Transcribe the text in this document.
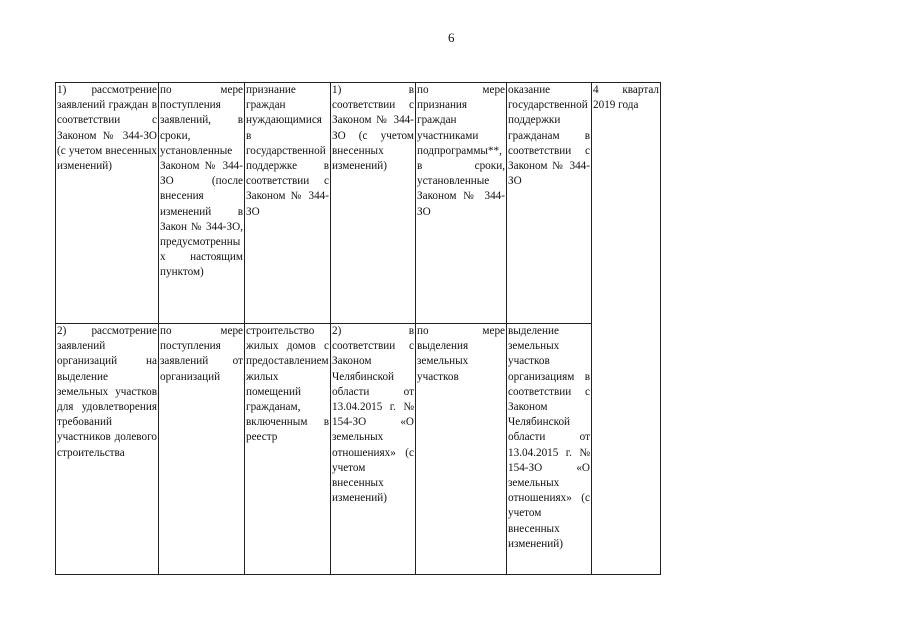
6
1) рассмотрение заявлений граждан в соответствии с Законом № 344-ЗО (с учетом внесенных изменений)	по мере поступления заявлений, в сроки, установленные Законом № 344-ЗО (после внесения изменений в Закон № 344-ЗО, предусмотренных настоящим пунктом)	признание граждан нуждающимися в государственной поддержке в соответствии с Законом № 344-ЗО	1) в соответствии с Законом № 344-ЗО (с учетом внесенных изменений)	по мере признания граждан участниками подпрограммы**, в сроки, установленные Законом № 344-ЗО	оказание государственной поддержки гражданам в соответствии с Законом № 344-ЗО	4 квартал 2019 года
2) рассмотрение заявлений организаций на выделение земельных участков для удовлетворения требований участников долевого строительства	по мере поступления заявлений от организаций	строительство жилых домов с предоставлением жилых помещений гражданам, включенным в реестр	2) в соответствии с Законом Челябинской области от 13.04.2015 г. № 154-ЗО «О земельных отношениях» (с учетом внесенных изменений)	по мере выделения земельных участков	выделение земельных участков организациям в соответствии с Законом Челябинской области от 13.04.2015 г. № 154-ЗО «О земельных отношениях» (с учетом внесенных изменений)	
